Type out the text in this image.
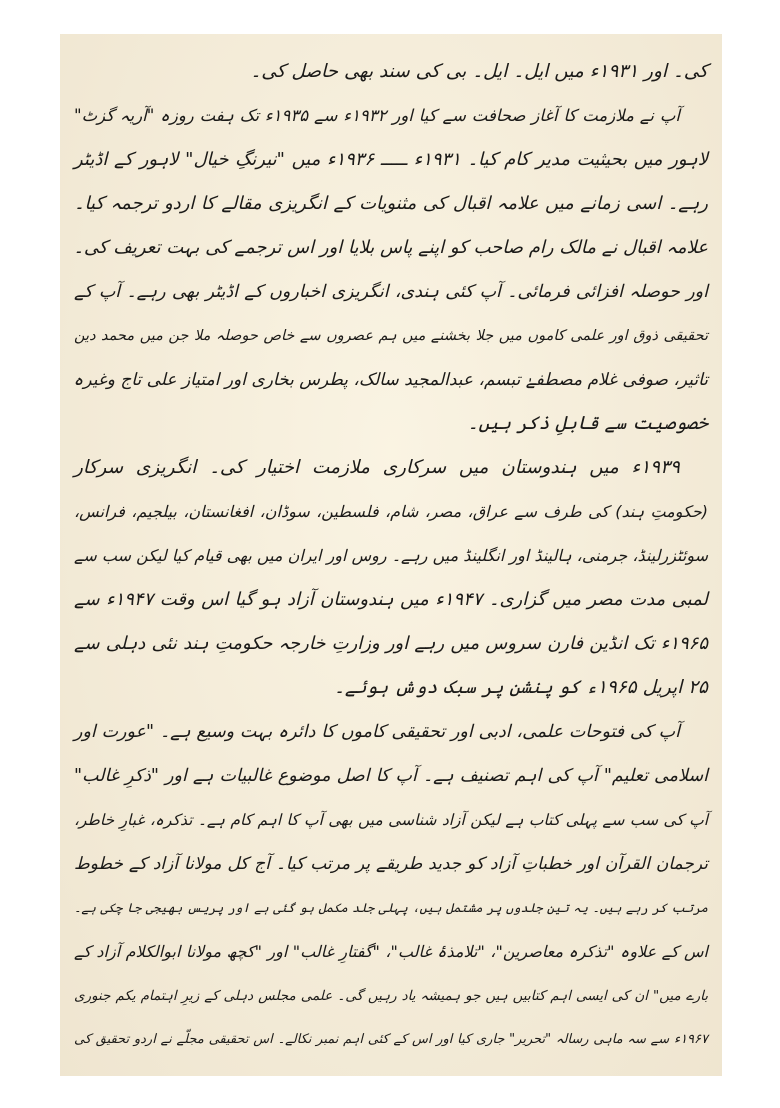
کی۔ اور ۱۹۳۱ء میں ایل۔ ایل۔ بی کی سند بھی حاصل کی۔
آپ نے ملازمت کا آغاز صحافت سے کیا اور ۱۹۳۲ء سے ۱۹۳۵ء تک ہفت روزہ "آریہ گزٹ"
لاہور میں بحیثیت مدیر کام کیا۔ ۱۹۳۱ء ـــــ ۱۹۳۶ء میں "نیرنگِ خیال" لاہور کے اڈیٹر
رہے۔ اسی زمانے میں علامہ اقبال کی مثنویات کے انگریزی مقالے کا اردو ترجمہ کیا۔
علامہ اقبال نے مالک رام صاحب کو اپنے پاس بلایا اور اس ترجمے کی بہت تعریف کی۔
اور حوصلہ افزائی فرمائی۔ آپ کئی ہندی، انگریزی اخباروں کے اڈیٹر بھی رہے۔ آپ کے
تحقیقی ذوق اور علمی کاموں میں جلا بخشنے میں ہم عصروں سے خاص حوصلہ ملا جن میں محمد دین
تاثیر، صوفی غلام مصطفےٰ تبسم، عبدالمجید سالک، پطرس بخاری اور امتیاز علی تاج وغیرہ
خصوصیت سے قابلِ ذکر ہیں۔
۱۹۳۹ء میں ہندوستان میں سرکاری ملازمت اختیار کی۔ انگریزی سرکار
(حکومتِ ہند) کی طرف سے عراق، مصر، شام، فلسطین، سوڈان، افغانستان، بیلجیم، فرانس،
سوئٹزرلینڈ، جرمنی، ہالینڈ اور انگلینڈ میں رہے۔ روس اور ایران میں بھی قیام کیا لیکن سب سے
لمبی مدت مصر میں گزاری۔ ۱۹۴۷ء میں ہندوستان آزاد ہو گیا اس وقت ۱۹۴۷ء سے
۱۹۶۵ء تک انڈین فارن سروس میں رہے اور وزارتِ خارجہ حکومتِ ہند نئی دہلی سے
۲۵ اپریل ۱۹۶۵ء کو پنشن پر سبک دوش ہوئے۔
آپ کی فتوحات علمی، ادبی اور تحقیقی کاموں کا دائرہ بہت وسیع ہے۔ "عورت اور
اسلامی تعلیم" آپ کی اہم تصنیف ہے۔ آپ کا اصل موضوع غالبیات ہے اور "ذکرِ غالب"
آپ کی سب سے پہلی کتاب ہے لیکن آزاد شناسی میں بھی آپ کا اہم کام ہے۔ تذکرہ، غبارِ خاطر،
ترجمان القرآن اور خطباتِ آزاد کو جدید طریقے پر مرتب کیا۔ آج کل مولانا آزاد کے خطوط
مرتب کر رہے ہیں۔ یہ تین جلدوں پر مشتمل ہیں، پہلی جلد مکمل ہو گئی ہے اور پریس بھیجی جا چکی ہے۔
اس کے علاوہ "تذکرہ معاصرین"، "تلامذۂ غالب"، "گفتارِ غالب" اور "کچھ مولانا ابوالکلام آزاد کے
بارے میں" ان کی ایسی اہم کتابیں ہیں جو ہمیشہ یاد رہیں گی۔ علمی مجلس دہلی کے زیرِ اہتمام یکم جنوری
۱۹۶۷ء سے سہ ماہی رسالہ "تحریر" جاری کیا اور اس کے کئی اہم نمبر نکالے۔ اس تحقیقی مجلّے نے اردو تحقیق کی
